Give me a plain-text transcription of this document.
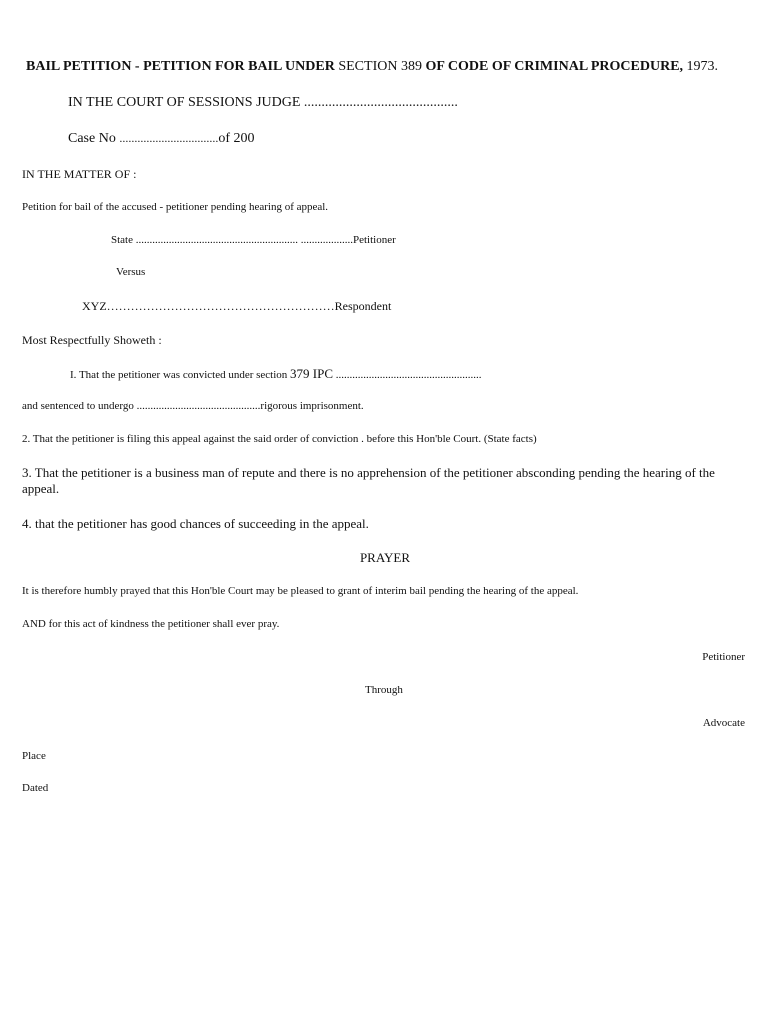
BAIL PETITION - PETITION FOR BAIL UNDER SECTION 389 OF CODE OF CRIMINAL PROCEDURE, 1973.
IN THE COURT OF SESSIONS JUDGE ............................................
Case No .................................of 200
IN THE MATTER OF :
Petition for bail of the accused - petitioner pending hearing of appeal.
State ........................................................... ...................Petitioner
Versus
XYZ…………………………………………………Respondent
Most Respectfully Showeth :
I. That the petitioner was convicted under section 379 IPC .....................................................
and sentenced to undergo .............................................rigorous imprisonment.
2. That the petitioner is filing this appeal against the said order of conviction . before this Hon'ble Court. (State facts)
3. That the petitioner is a business man of repute and there is no apprehension of the petitioner absconding pending the hearing of the appeal.
4. that the petitioner has good chances of succeeding in the appeal.
PRAYER
It is therefore humbly prayed that this Hon'ble Court may be pleased to grant of interim bail pending the hearing of the appeal.
AND for this act of kindness the petitioner shall ever pray.
Petitioner
Through
Advocate
Place
Dated
